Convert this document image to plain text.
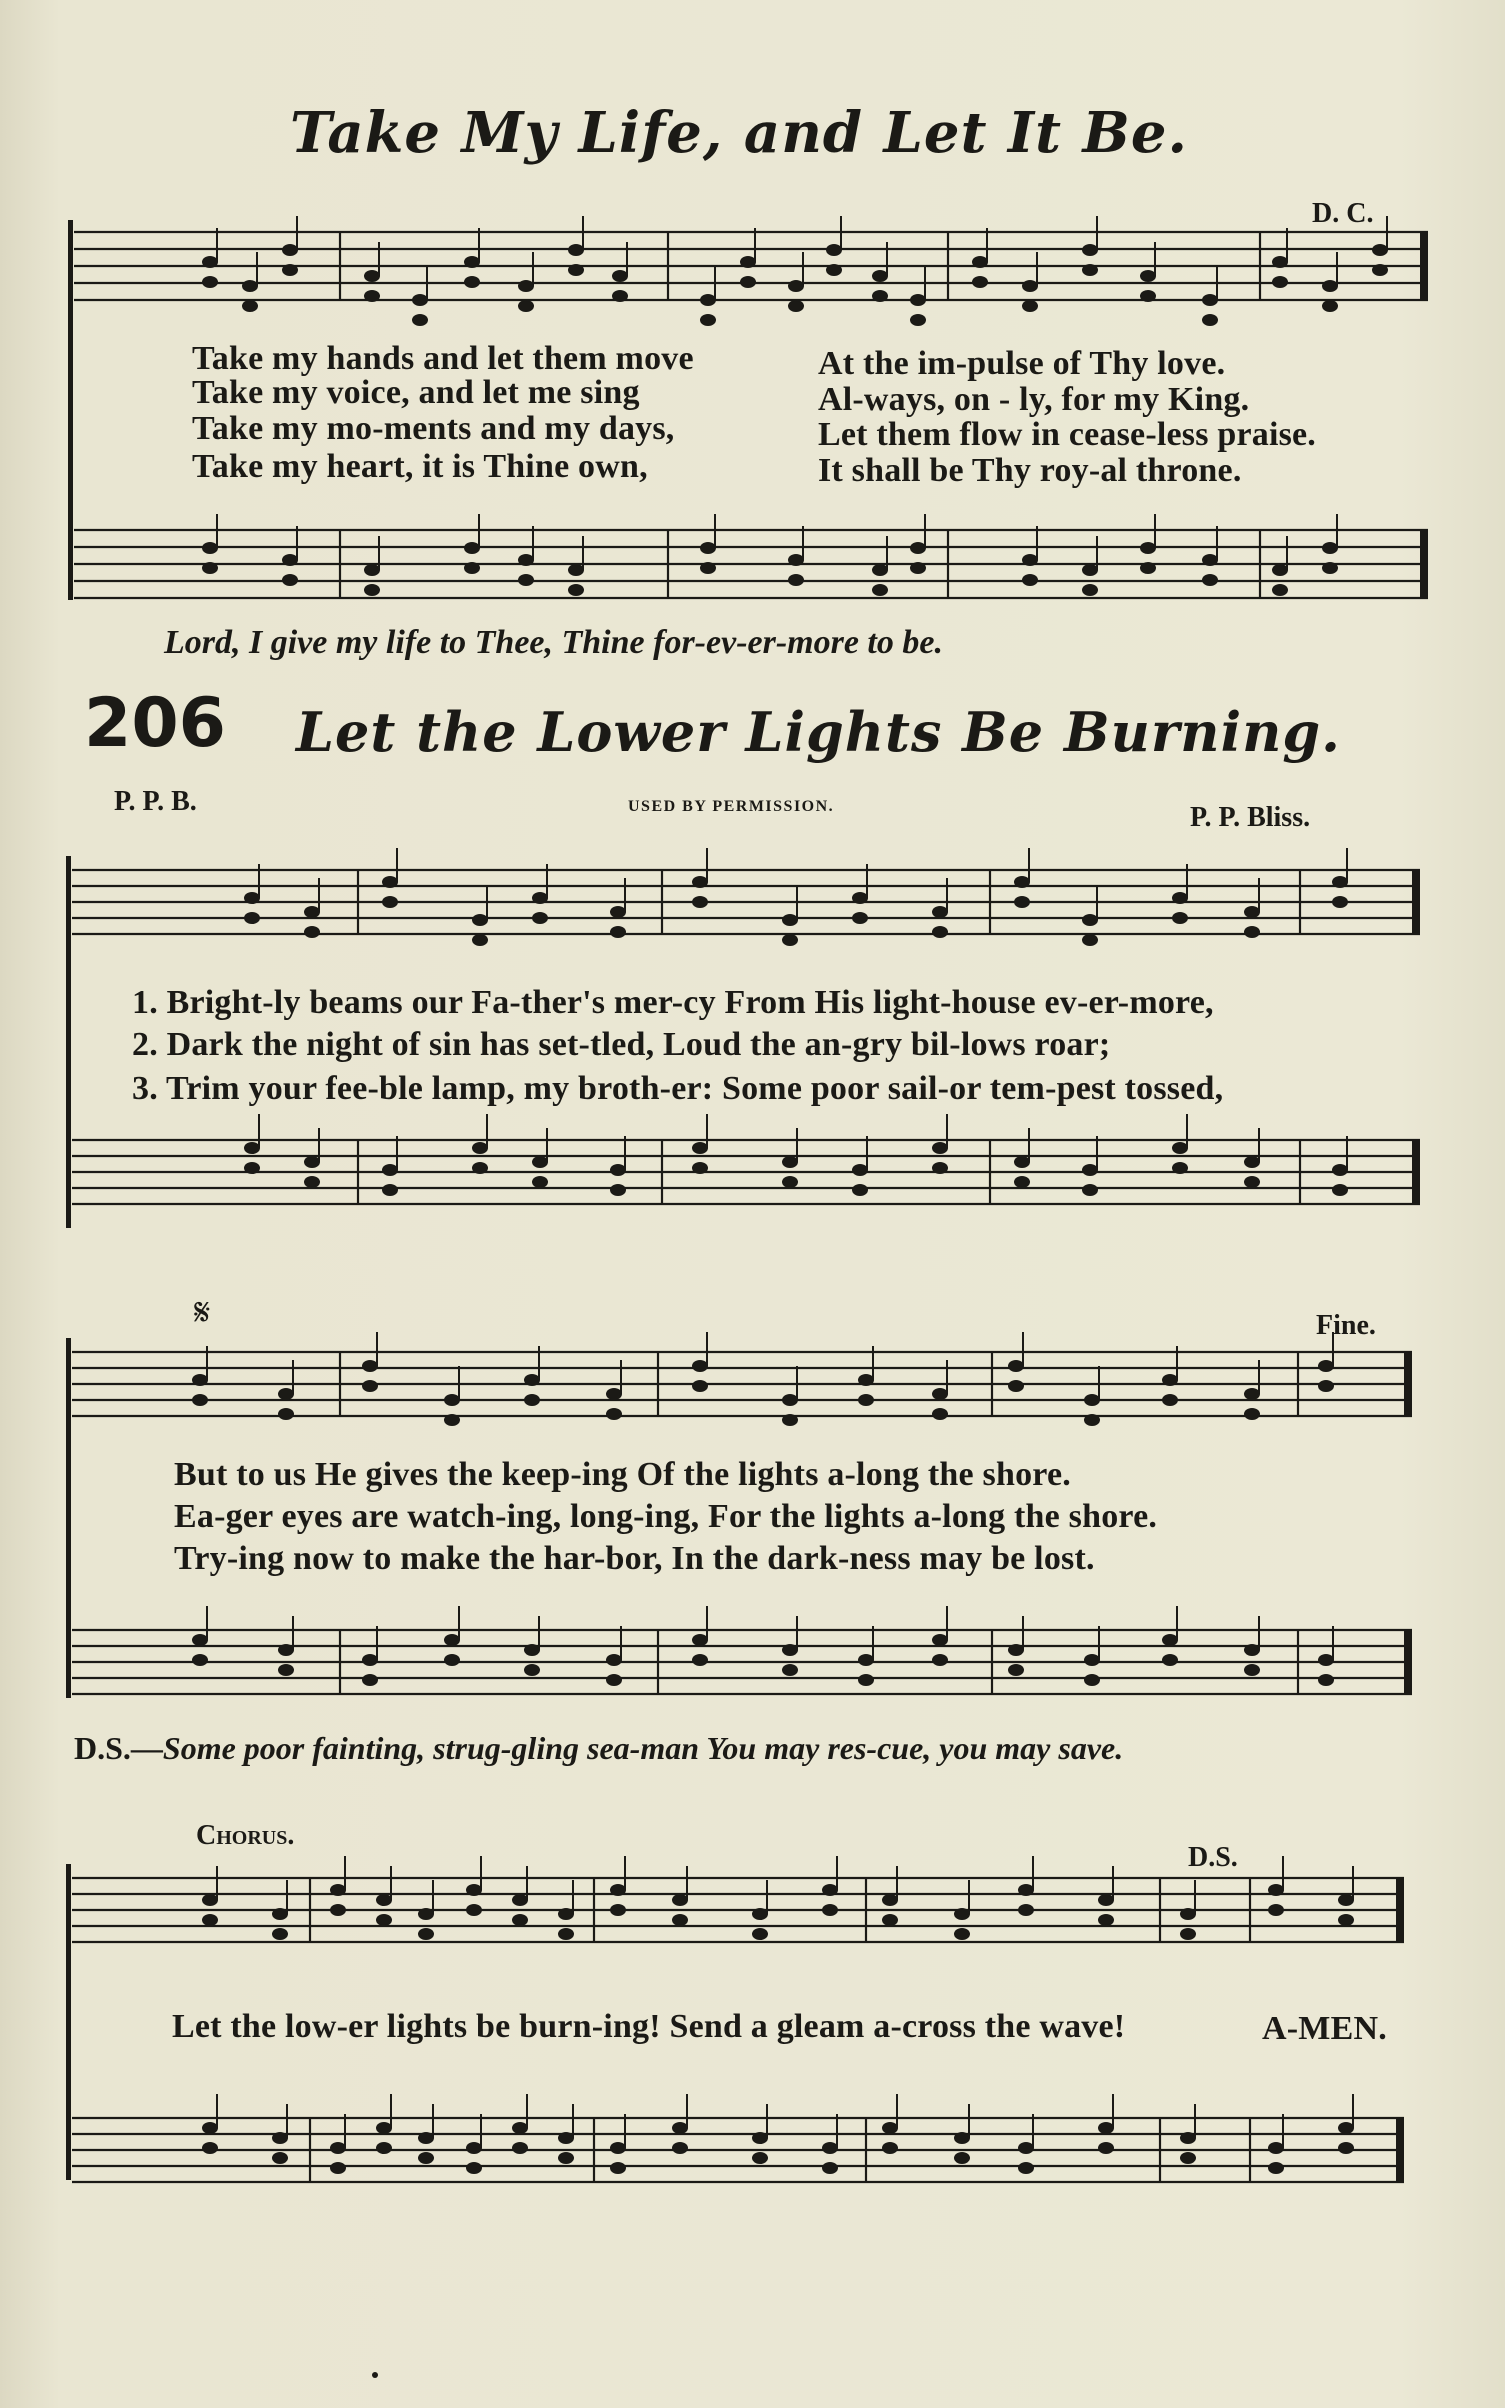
Take My Life, and Let It Be.
D. C.
Take my hands and let them move	At the im-pulse of Thy love.
Take my voice, and let me sing	Al-ways, on - ly, for my King.
Take my mo-ments and my days,	Let them flow in cease-less praise.
Take my heart, it is Thine own,	It shall be Thy roy-al throne.
Lord, I give my life to Thee, Thine for-ev-er-more to be.
206 Let the Lower Lights Be Burning.
P. P. B.	USED BY PERMISSION.	P. P. Bliss.
1. Bright-ly beams our Fa-ther's mer-cy From His light-house ev-er-more,
2. Dark the night of sin has set-tled, Loud the an-gry bil-lows roar;
3. Trim your fee-ble lamp, my broth-er: Some poor sail-or tem-pest tossed,
𝄋	Fine.
But to us He gives the keep-ing Of the lights a-long the shore.
Ea-ger eyes are watch-ing, long-ing, For the lights a-long the shore.
Try-ing now to make the har-bor, In the dark-ness may be lost.
D.S.—Some poor fainting, strug-gling sea-man You may res-cue, you may save.
Chorus.
D.S.
Let the low-er lights be burn-ing! Send a gleam a-cross the wave!	A-MEN.
